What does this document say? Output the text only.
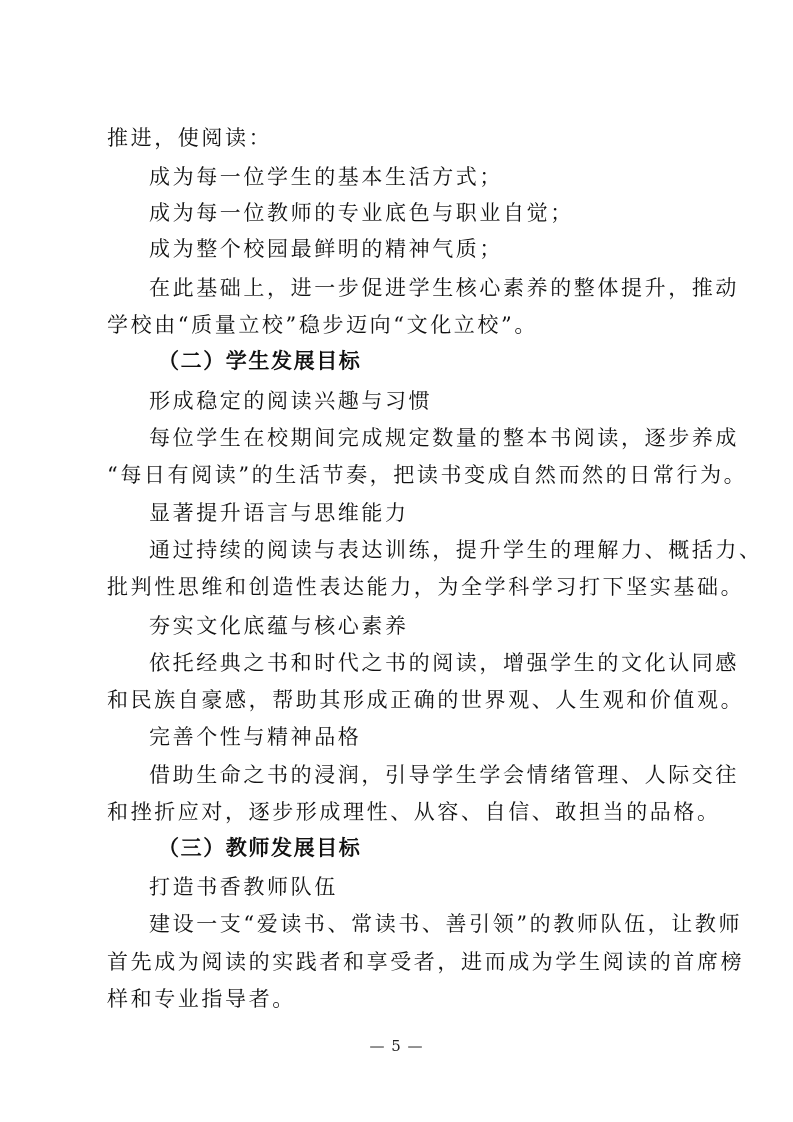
推进，使阅读：
成为每一位学生的基本生活方式；
成为每一位教师的专业底色与职业自觉；
成为整个校园最鲜明的精神气质；
在此基础上，进一步促进学生核心素养的整体提升，推动
学校由“质量立校”稳步迈向“文化立校”。
（二）学生发展目标
形成稳定的阅读兴趣与习惯
每位学生在校期间完成规定数量的整本书阅读，逐步养成
“每日有阅读”的生活节奏，把读书变成自然而然的日常行为。
显著提升语言与思维能力
通过持续的阅读与表达训练，提升学生的理解力、概括力、
批判性思维和创造性表达能力，为全学科学习打下坚实基础。
夯实文化底蕴与核心素养
依托经典之书和时代之书的阅读，增强学生的文化认同感
和民族自豪感，帮助其形成正确的世界观、人生观和价值观。
完善个性与精神品格
借助生命之书的浸润，引导学生学会情绪管理、人际交往
和挫折应对，逐步形成理性、从容、自信、敢担当的品格。
（三）教师发展目标
打造书香教师队伍
建设一支“爱读书、常读书、善引领”的教师队伍，让教师
首先成为阅读的实践者和享受者，进而成为学生阅读的首席榜
样和专业指导者。
— 5 —
